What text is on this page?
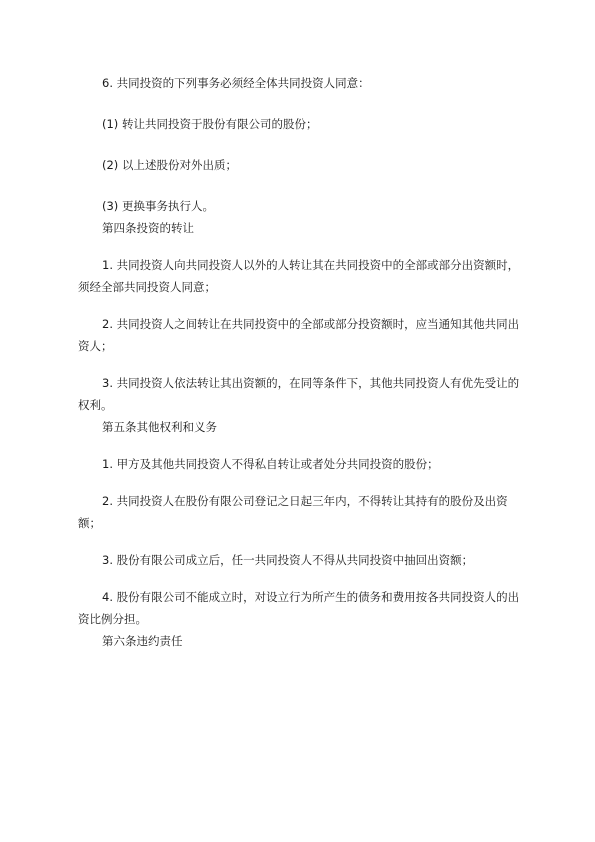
6. 共同投资的下列事务必须经全体共同投资人同意：

(1) 转让共同投资于股份有限公司的股份；

(2) 以上述股份对外出质；

(3) 更换事务执行人。

第四条投资的转让

1. 共同投资人向共同投资人以外的人转让其在共同投资中的全部或部分出资额时，须经全部共同投资人同意；

2. 共同投资人之间转让在共同投资中的全部或部分投资额时，应当通知其他共同出资人；

3. 共同投资人依法转让其出资额的，在同等条件下，其他共同投资人有优先受让的权利。

第五条其他权利和义务

1. 甲方及其他共同投资人不得私自转让或者处分共同投资的股份；

2. 共同投资人在股份有限公司登记之日起三年内，不得转让其持有的股份及出资额；

3. 股份有限公司成立后，任一共同投资人不得从共同投资中抽回出资额；

4. 股份有限公司不能成立时，对设立行为所产生的债务和费用按各共同投资人的出资比例分担。

第六条违约责任
